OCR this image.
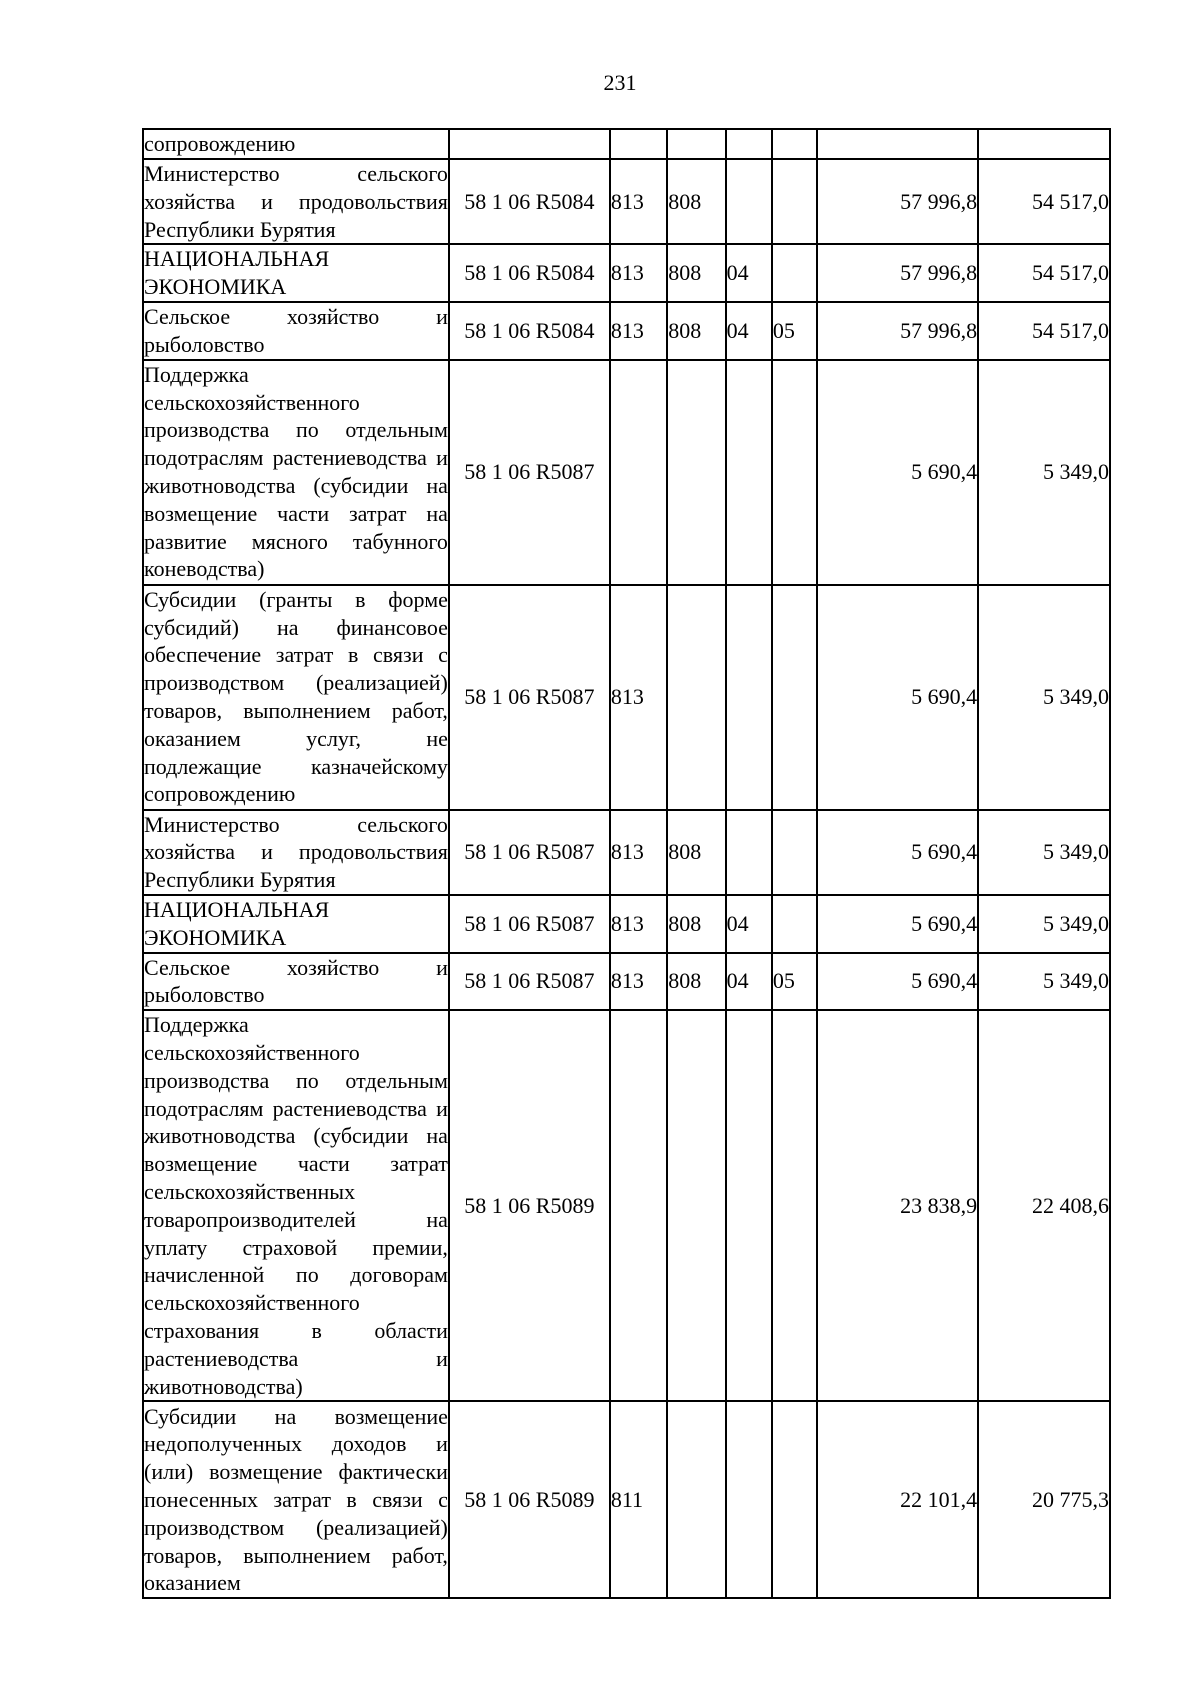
231
сопровождению							
Министерство сельского хозяйства и продовольствия Республики Бурятия	58 1 06 R5084	813	808			57 996,8	54 517,0
НАЦИОНАЛЬНАЯ ЭКОНОМИКА	58 1 06 R5084	813	808	04		57 996,8	54 517,0
Сельское хозяйство и рыболовство	58 1 06 R5084	813	808	04	05	57 996,8	54 517,0
Поддержка сельскохозяйственного производства по отдельным подотраслям растениеводства и животноводства (субсидии на возмещение части затрат на развитие мясного табунного коневодства)	58 1 06 R5087					5 690,4	5 349,0
Субсидии (гранты в форме субсидий) на финансовое обеспечение затрат в связи с производством (реализацией) товаров, выполнением работ, оказанием услуг, не подлежащие казначейскому сопровождению	58 1 06 R5087	813				5 690,4	5 349,0
Министерство сельского хозяйства и продовольствия Республики Бурятия	58 1 06 R5087	813	808			5 690,4	5 349,0
НАЦИОНАЛЬНАЯ ЭКОНОМИКА	58 1 06 R5087	813	808	04		5 690,4	5 349,0
Сельское хозяйство и рыболовство	58 1 06 R5087	813	808	04	05	5 690,4	5 349,0
Поддержка сельскохозяйственного производства по отдельным подотраслям растениеводства и животноводства (субсидии на возмещение части затрат сельскохозяйственных товаропроизводителей на уплату страховой премии, начисленной по договорам сельскохозяйственного страхования в области растениеводства и животноводства)	58 1 06 R5089					23 838,9	22 408,6
Субсидии на возмещение недополученных доходов и (или) возмещение фактически понесенных затрат в связи с производством (реализацией) товаров, выполнением работ, оказанием	58 1 06 R5089	811				22 101,4	20 775,3
